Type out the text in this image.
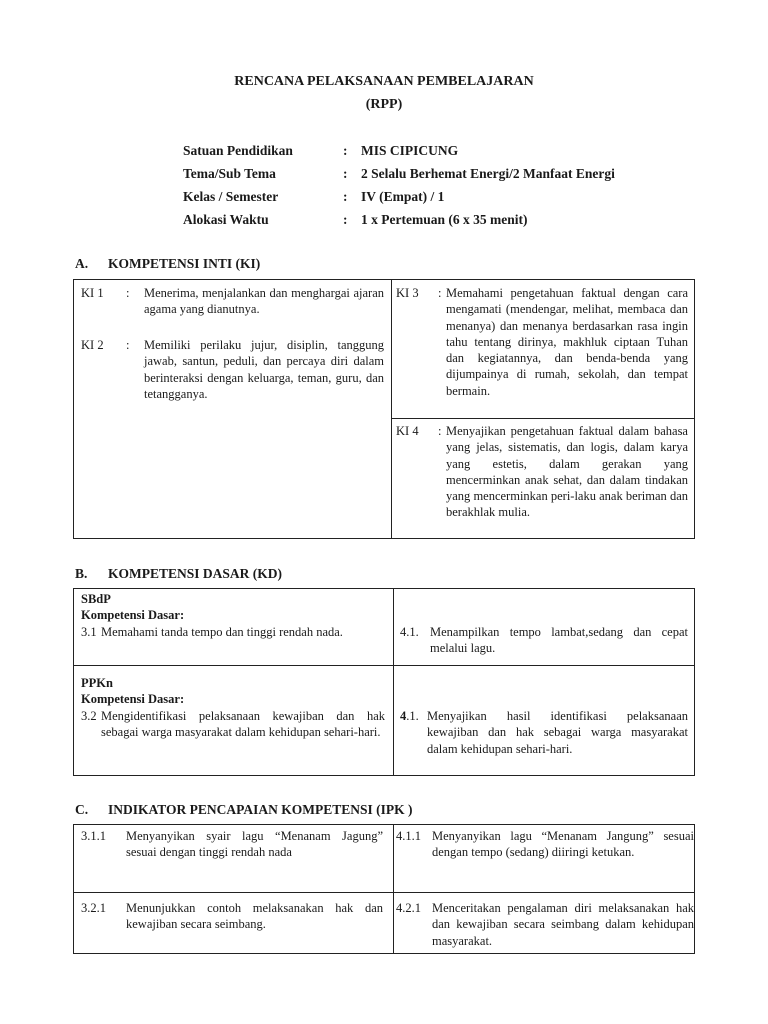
RENCANA PELAKSANAAN PEMBELAJARAN
(RPP)
Satuan Pendidikan	:	MIS CIPICUNG
Tema/Sub Tema	:	2 Selalu Berhemat Energi/2 Manfaat Energi
Kelas / Semester	:	IV (Empat) / 1
Alokasi Waktu	:	1 x Pertemuan (6 x 35 menit)
A.	KOMPETENSI INTI (KI)
KI 1 : Menerima, menjalankan dan menghargai ajaran agama yang dianutnya.
KI 2 : Memiliki perilaku jujur, disiplin, tanggung jawab, santun, peduli, dan percaya diri dalam berinteraksi dengan keluarga, teman, guru, dan tetangganya.
KI 3 : Memahami pengetahuan faktual dengan cara mengamati (mendengar, melihat, membaca dan menanya) dan menanya berdasarkan rasa ingin tahu tentang dirinya, makhluk ciptaan Tuhan dan kegiatannya, dan benda-benda yang dijumpainya di rumah, sekolah, dan tempat bermain.
KI 4 : Menyajikan pengetahuan faktual dalam bahasa yang jelas, sistematis, dan logis, dalam karya yang estetis, dalam gerakan yang mencerminkan anak sehat, dan dalam tindakan yang mencerminkan peri-laku anak beriman dan berakhlak mulia.
B.	KOMPETENSI DASAR (KD)
SBdP
Kompetensi Dasar:
3.1 Memahami tanda tempo dan tinggi rendah nada.	4.1. Menampilkan tempo lambat,sedang dan cepat melalui lagu.
PPKn
Kompetensi Dasar:
3.2 Mengidentifikasi pelaksanaan kewajiban dan hak sebagai warga masyarakat dalam kehidupan sehari-hari.
4.1. Menyajikan hasil identifikasi pelaksanaan kewajiban dan hak sebagai warga masyarakat dalam kehidupan sehari-hari.
C.	INDIKATOR PENCAPAIAN KOMPETENSI (IPK )
3.1.1 Menyanyikan syair lagu “Menanam Jagung” sesuai dengan tinggi rendah nada
4.1.1 Menyanyikan lagu “Menanam Jangung” sesuai dengan tempo (sedang) diiringi ketukan.
3.2.1 Menunjukkan contoh melaksanakan hak dan kewajiban secara seimbang.
4.2.1 Menceritakan pengalaman diri melaksanakan hak dan kewajiban secara seimbang dalam kehidupan masyarakat.
